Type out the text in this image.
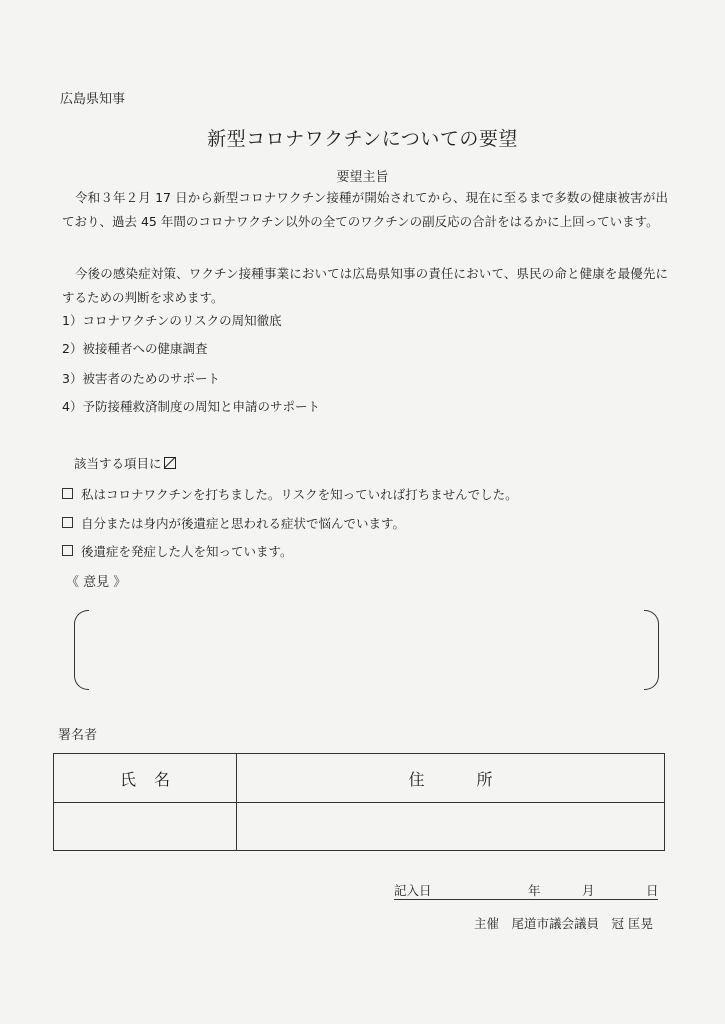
広島県知事
新型コロナワクチンについての要望
要望主旨
令和３年２月 17 日から新型コロナワクチン接種が開始されてから、現在に至るまで多数の健康被害が出ており、過去 45 年間のコロナワクチン以外の全てのワクチンの副反応の合計をはるかに上回っています。
今後の感染症対策、ワクチン接種事業においては広島県知事の責任において、県民の命と健康を最優先にするための判断を求めます。
1）コロナワクチンのリスクの周知徹底
2）被接種者への健康調査
3）被害者のためのサポート
4）予防接種救済制度の周知と申請のサポート
該当する項目に
私はコロナワクチンを打ちました。リスクを知っていれば打ちませんでした。
自分または身内が後遺症と思われる症状で悩んでいます。
後遺症を発症した人を知っています。
《 意見 》
署名者
氏名	住所

記入日	年	月	日
主催　尾道市議会議員　冠 匡晃
